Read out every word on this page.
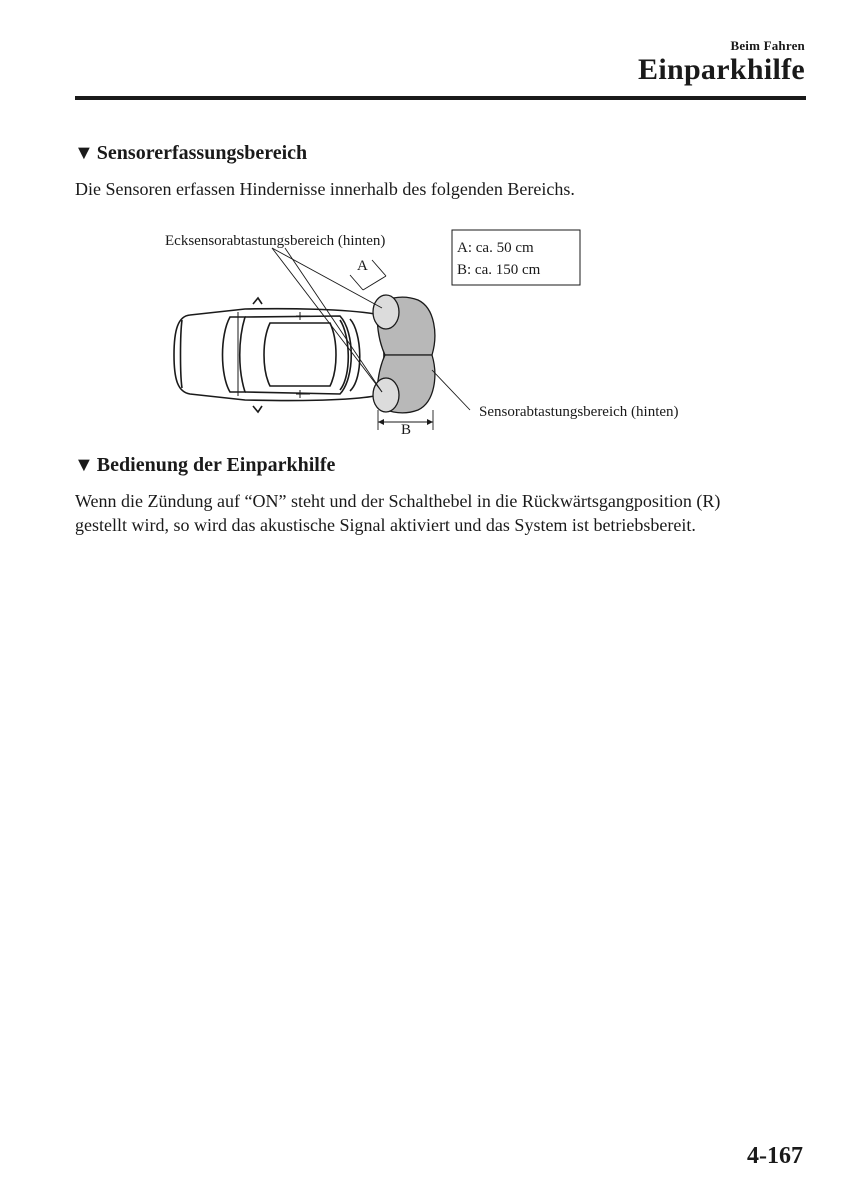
Beim Fahren
Einparkhilfe
▼ Sensorerfassungsbereich
Die Sensoren erfassen Hindernisse innerhalb des folgenden Bereichs.
Ecksensorabtastungsbereich (hinten)
A
B
Sensorabtastungsbereich (hinten)
A: ca. 50 cm
B: ca. 150 cm
▼ Bedienung der Einparkhilfe
Wenn die Zündung auf “ON” steht und der Schalthebel in die Rückwärtsgangposition (R)
gestellt wird, so wird das akustische Signal aktiviert und das System ist betriebsbereit.
4-167
